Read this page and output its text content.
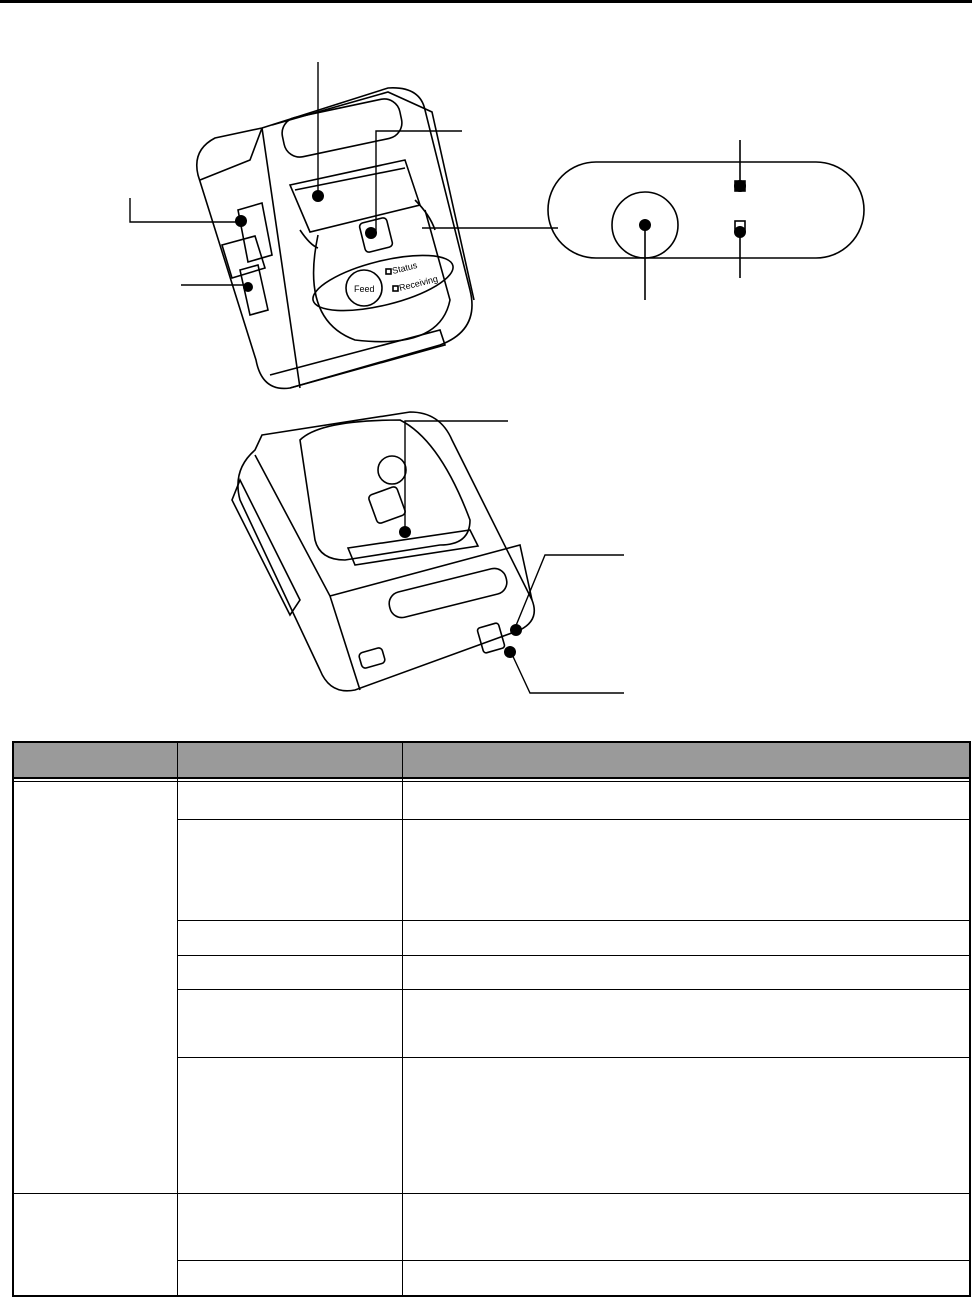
Feed
Status
Receiving
